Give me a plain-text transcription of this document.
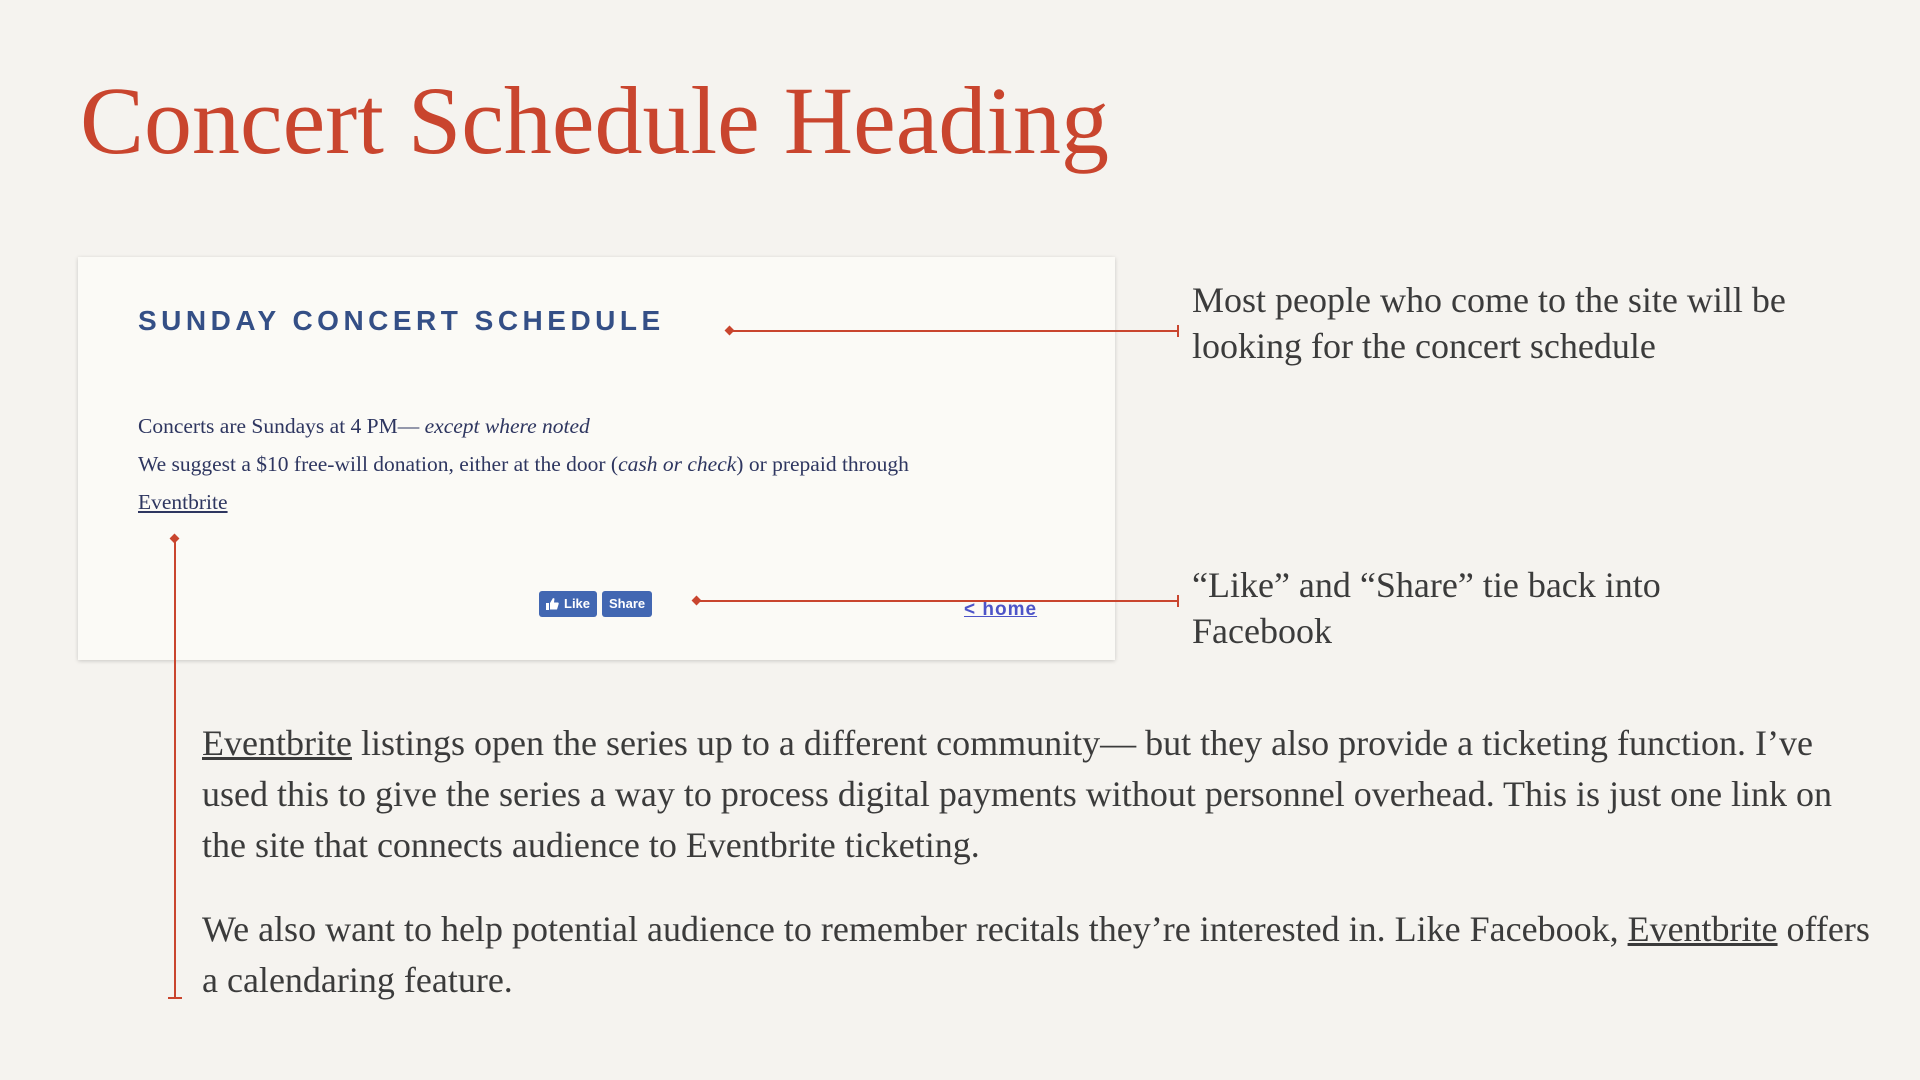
Concert Schedule Heading
SUNDAY CONCERT SCHEDULE

Concerts are Sundays at 4 PM— except where noted

We suggest a $10 free-will donation, either at the door (cash or check) or prepaid through
Eventbrite

Like Share	< home

Most people who come to the site will be looking for the concert schedule

“Like” and “Share” tie back into Facebook

Eventbrite listings open the series up to a different community— but they also provide a ticketing function. I’ve used this to give the series a way to process digital payments without personnel overhead. This is just one link on the site that connects audience to Eventbrite ticketing.

We also want to help potential audience to remember recitals they’re interested in. Like Facebook, Eventbrite offers a calendaring feature.
